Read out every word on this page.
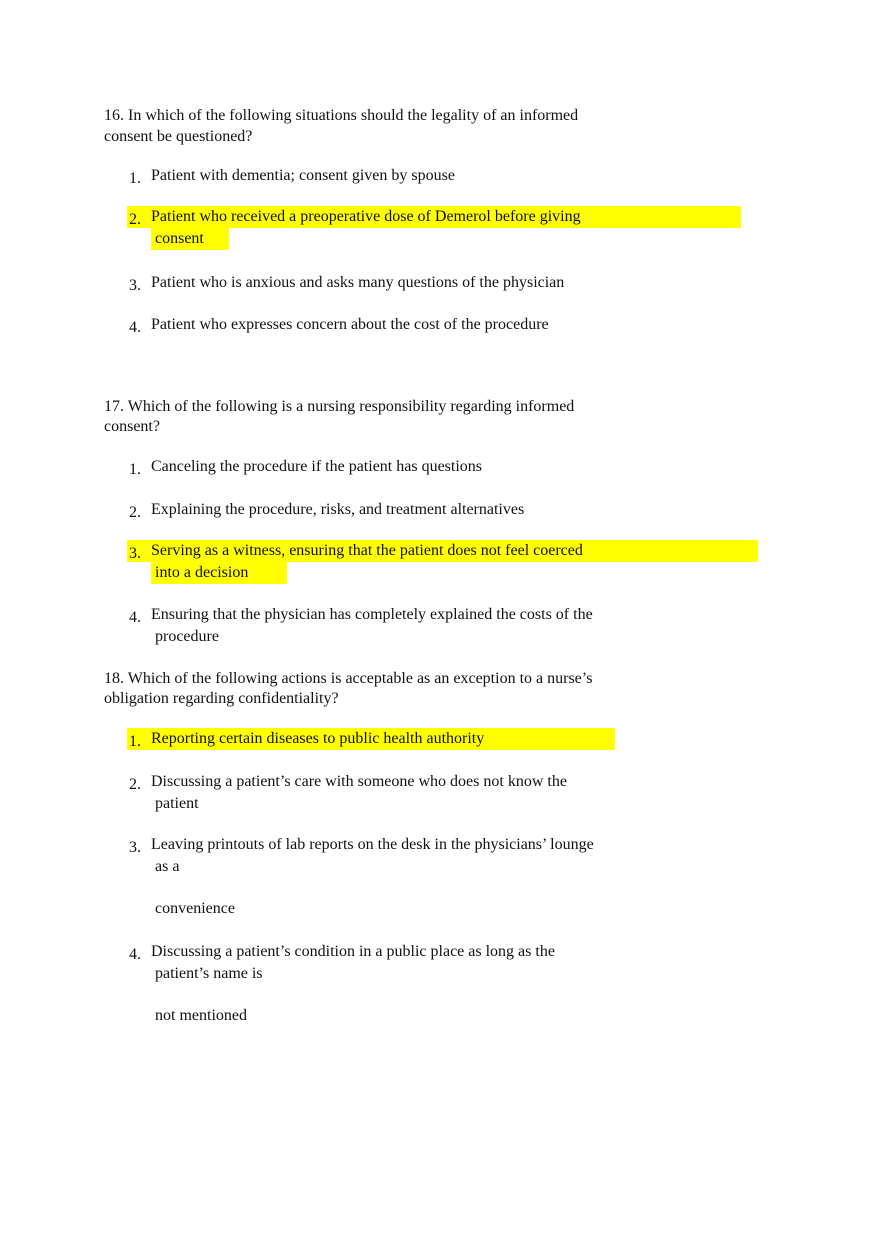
16. In which of the following situations should the legality of an informed
consent be questioned?
1. Patient with dementia; consent given by spouse
2. Patient who received a preoperative dose of Demerol before giving
consent
3. Patient who is anxious and asks many questions of the physician
4. Patient who expresses concern about the cost of the procedure
17. Which of the following is a nursing responsibility regarding informed
consent?
1. Canceling the procedure if the patient has questions
2. Explaining the procedure, risks, and treatment alternatives
3. Serving as a witness, ensuring that the patient does not feel coerced
into a decision
4. Ensuring that the physician has completely explained the costs of the
procedure
18. Which of the following actions is acceptable as an exception to a nurse’s
obligation regarding confidentiality?
1. Reporting certain diseases to public health authority
2. Discussing a patient’s care with someone who does not know the
patient
3. Leaving printouts of lab reports on the desk in the physicians’ lounge
as a
convenience
4. Discussing a patient’s condition in a public place as long as the
patient’s name is
not mentioned
